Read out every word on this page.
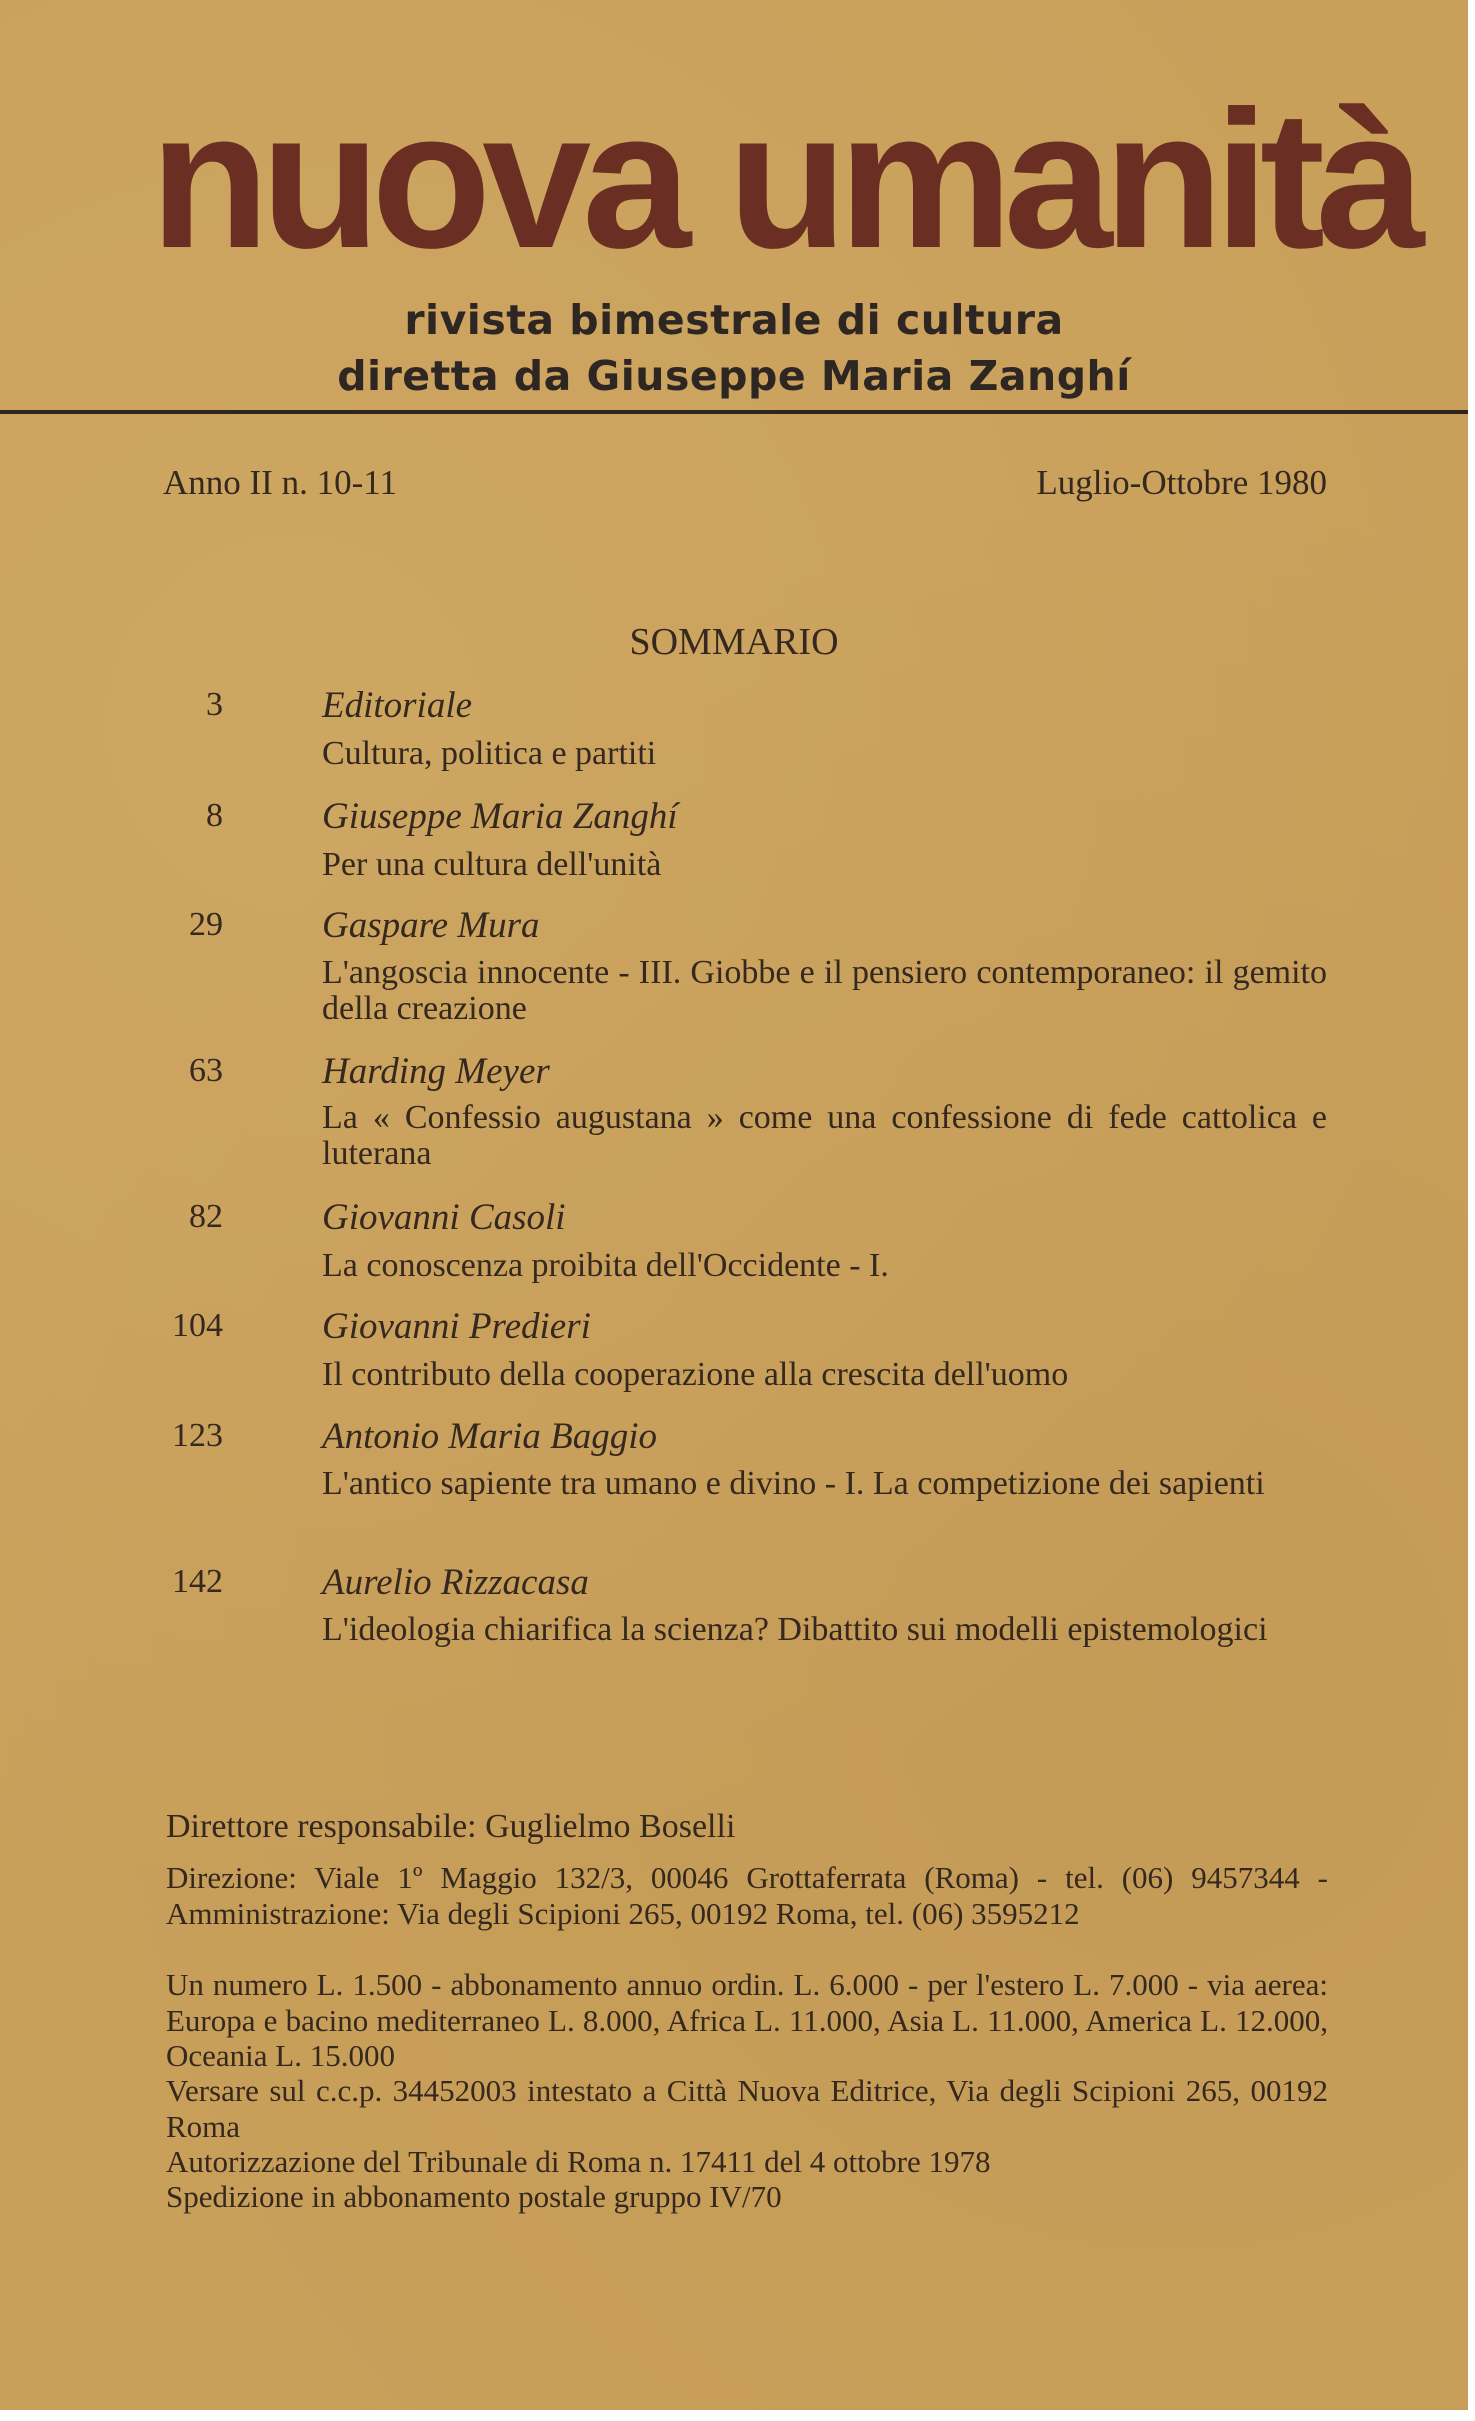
nuova umanità
rivista bimestrale di cultura
diretta da Giuseppe Maria Zanghí
Anno II n. 10-11	Luglio-Ottobre 1980
SOMMARIO
3	Editoriale
Cultura, politica e partiti
8	Giuseppe Maria Zanghí
Per una cultura dell'unità
29	Gaspare Mura
L'angoscia innocente - III. Giobbe e il pensiero contemporaneo: il gemito della creazione
63	Harding Meyer
La « Confessio augustana » come una confessione di fede cattolica e luterana
82	Giovanni Casoli
La conoscenza proibita dell'Occidente - I.
104	Giovanni Predieri
Il contributo della cooperazione alla crescita dell'uomo
123	Antonio Maria Baggio
L'antico sapiente tra umano e divino - I. La competizione dei sapienti
142	Aurelio Rizzacasa
L'ideologia chiarifica la scienza? Dibattito sui modelli epistemologici
Direttore responsabile: Guglielmo Boselli
Direzione: Viale 1º Maggio 132/3, 00046 Grottaferrata (Roma) - tel. (06) 9457344 - Amministrazione: Via degli Scipioni 265, 00192 Roma, tel. (06) 3595212
Un numero L. 1.500 - abbonamento annuo ordin. L. 6.000 - per l'estero L. 7.000 - via aerea: Europa e bacino mediterraneo L. 8.000, Africa L. 11.000, Asia L. 11.000, America L. 12.000, Oceania L. 15.000
Versare sul c.c.p. 34452003 intestato a Città Nuova Editrice, Via degli Scipioni 265, 00192 Roma
Autorizzazione del Tribunale di Roma n. 17411 del 4 ottobre 1978
Spedizione in abbonamento postale gruppo IV/70
